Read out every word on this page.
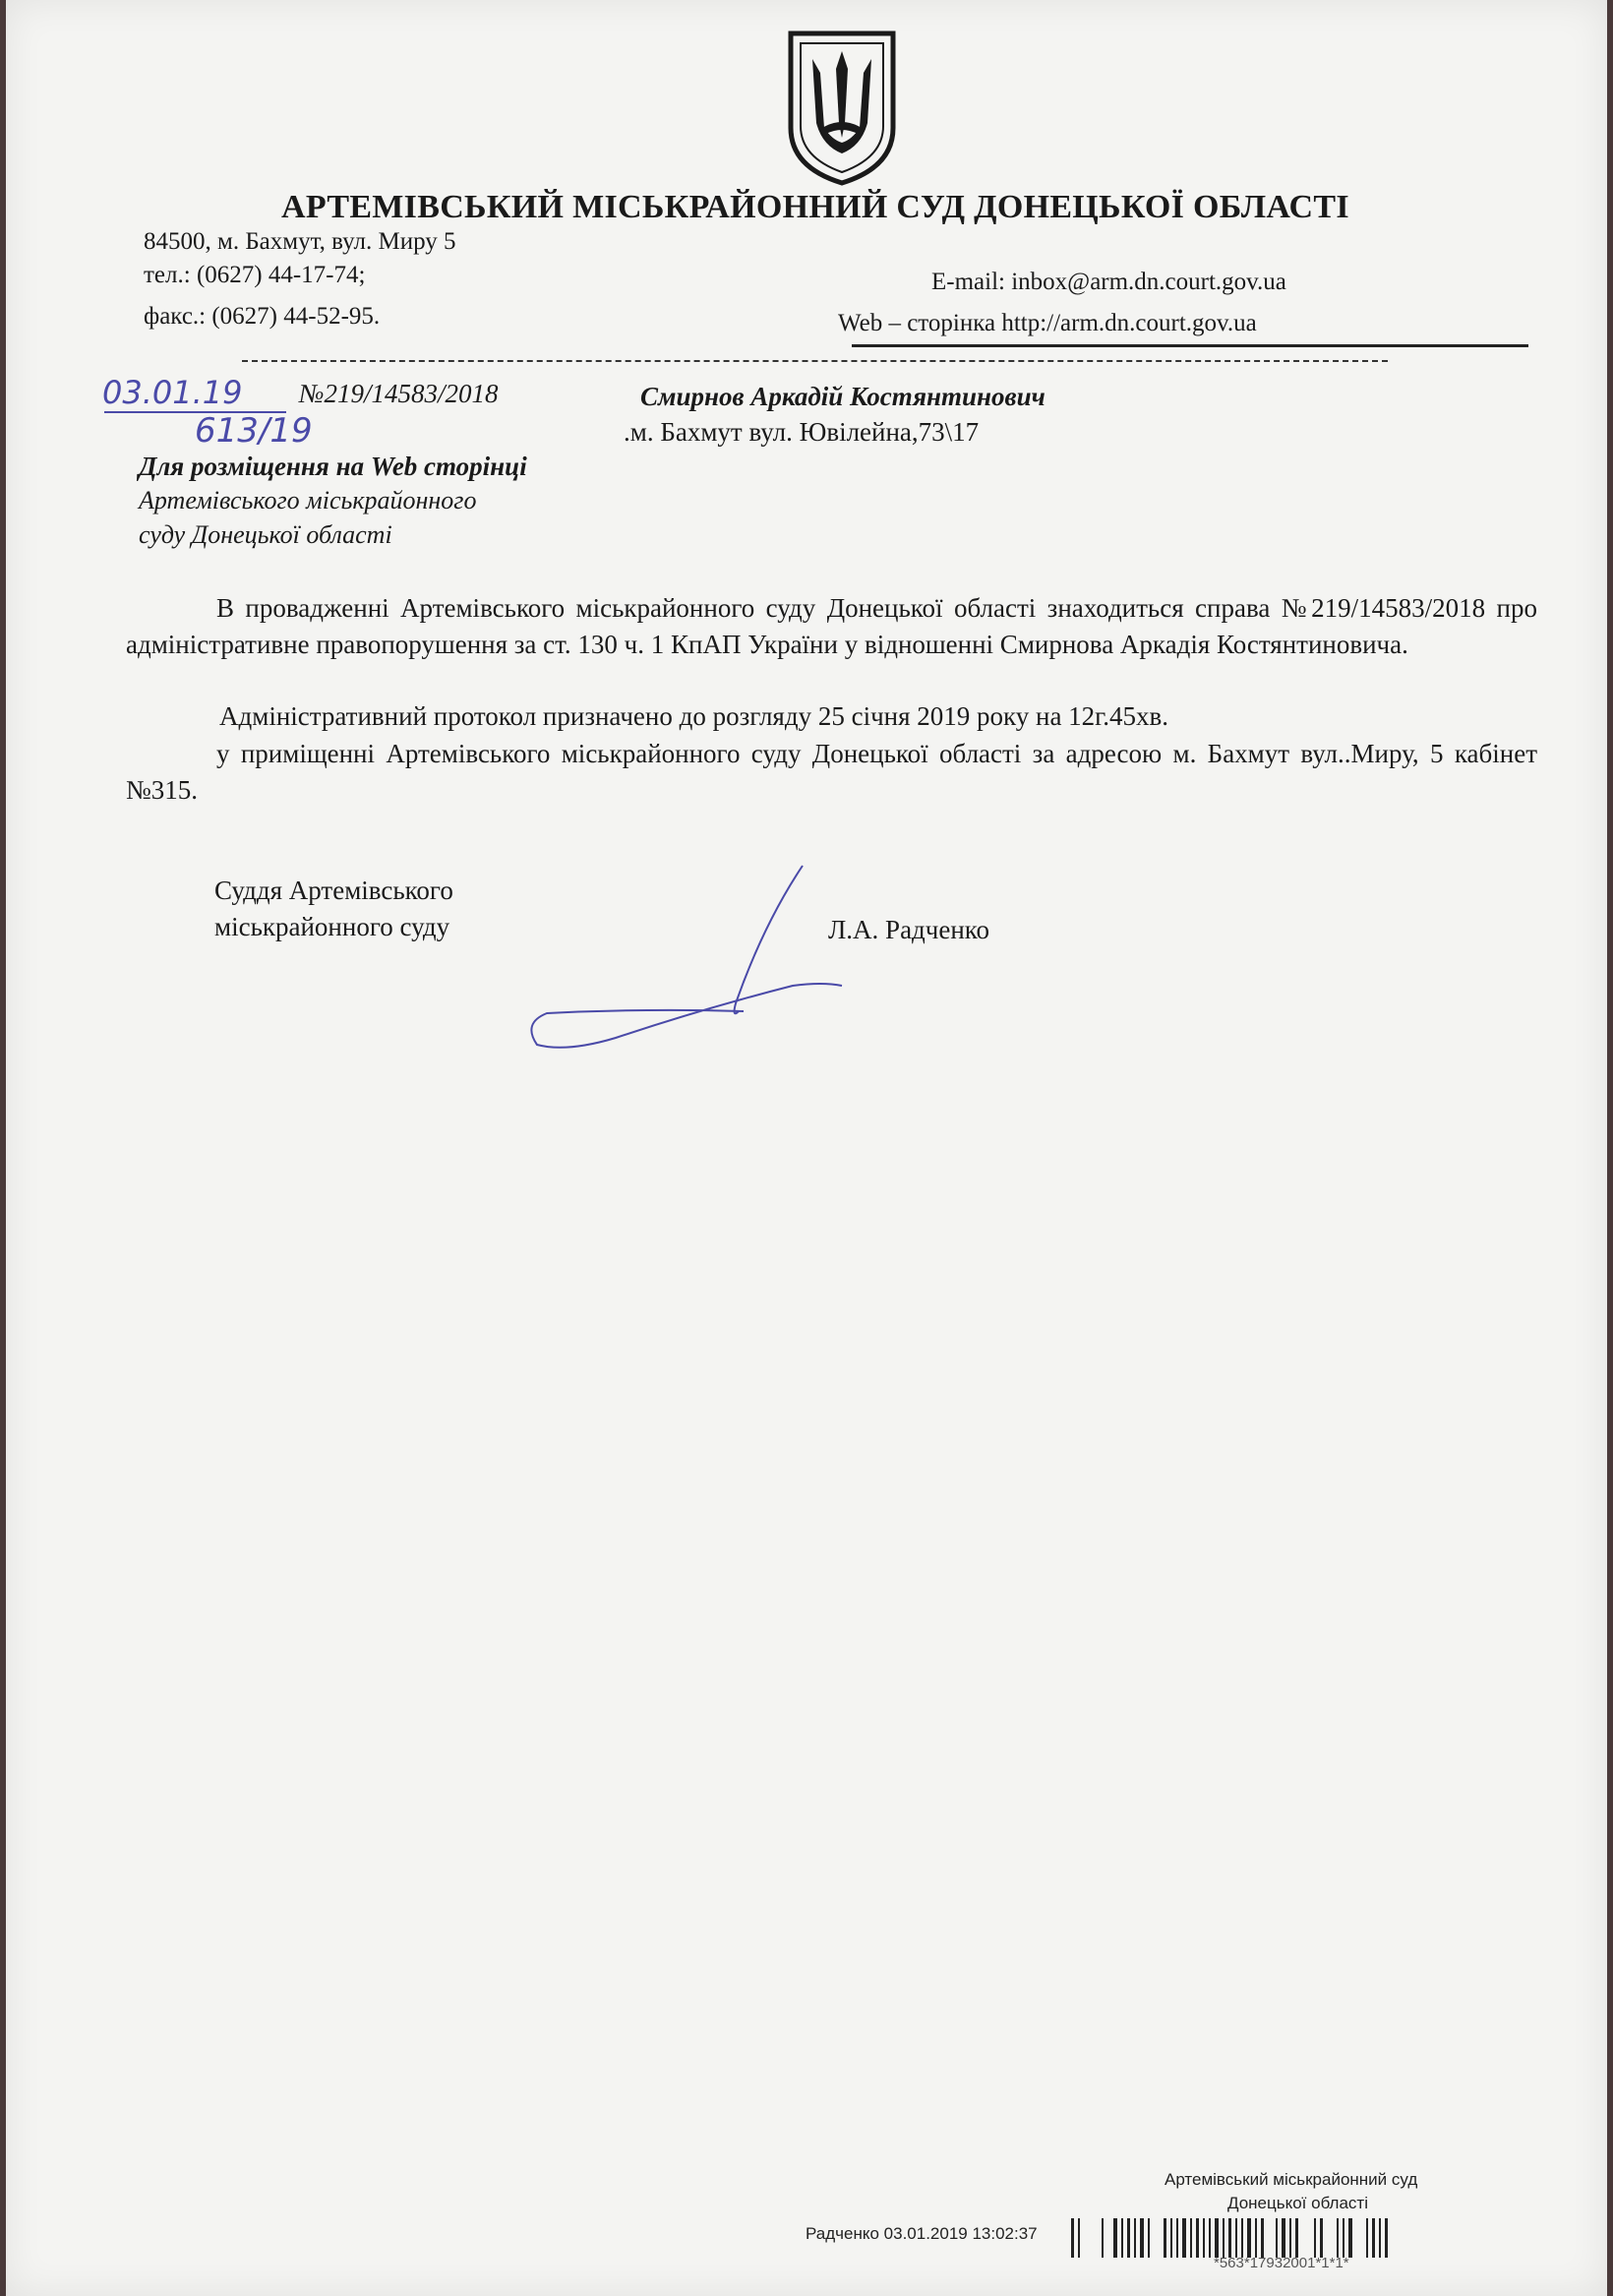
АРТЕМІВСЬКИЙ МІСЬКРАЙОННИЙ СУД ДОНЕЦЬКОЇ ОБЛАСТІ
84500, м. Бахмут, вул. Миру 5
тел.: (0627) 44-17-74;
факс.: (0627) 44-52-95.
E-mail: inbox@arm.dn.court.gov.ua
Web – сторінка http://arm.dn.court.gov.ua
03.01.19 №219/14583/2018
613/19
Смирнов Аркадій Костянтинович
.м. Бахмут вул. Ювілейна,73\17
Для розміщення на Web сторінці
Артемівського міськрайонного
суду Донецької області
В провадженні Артемівського міськрайонного суду Донецької області знаходиться справа №219/14583/2018 про адміністративне правопорушення за ст. 130 ч. 1 КпАП України у відношенні Смирнова Аркадія Костянтиновича.
Адміністративний протокол призначено до розгляду 25 січня 2019 року на 12г.45хв.
у приміщенні Артемівського міськрайонного суду Донецької області за адресою м. Бахмут вул..Миру, 5 кабінет №315.
Суддя Артемівського
міськрайонного суду	Л.А. Радченко
Артемівський міськрайонний суд
Донецької області
Радченко 03.01.2019 13:02:37
*563*17932001*1*1*
